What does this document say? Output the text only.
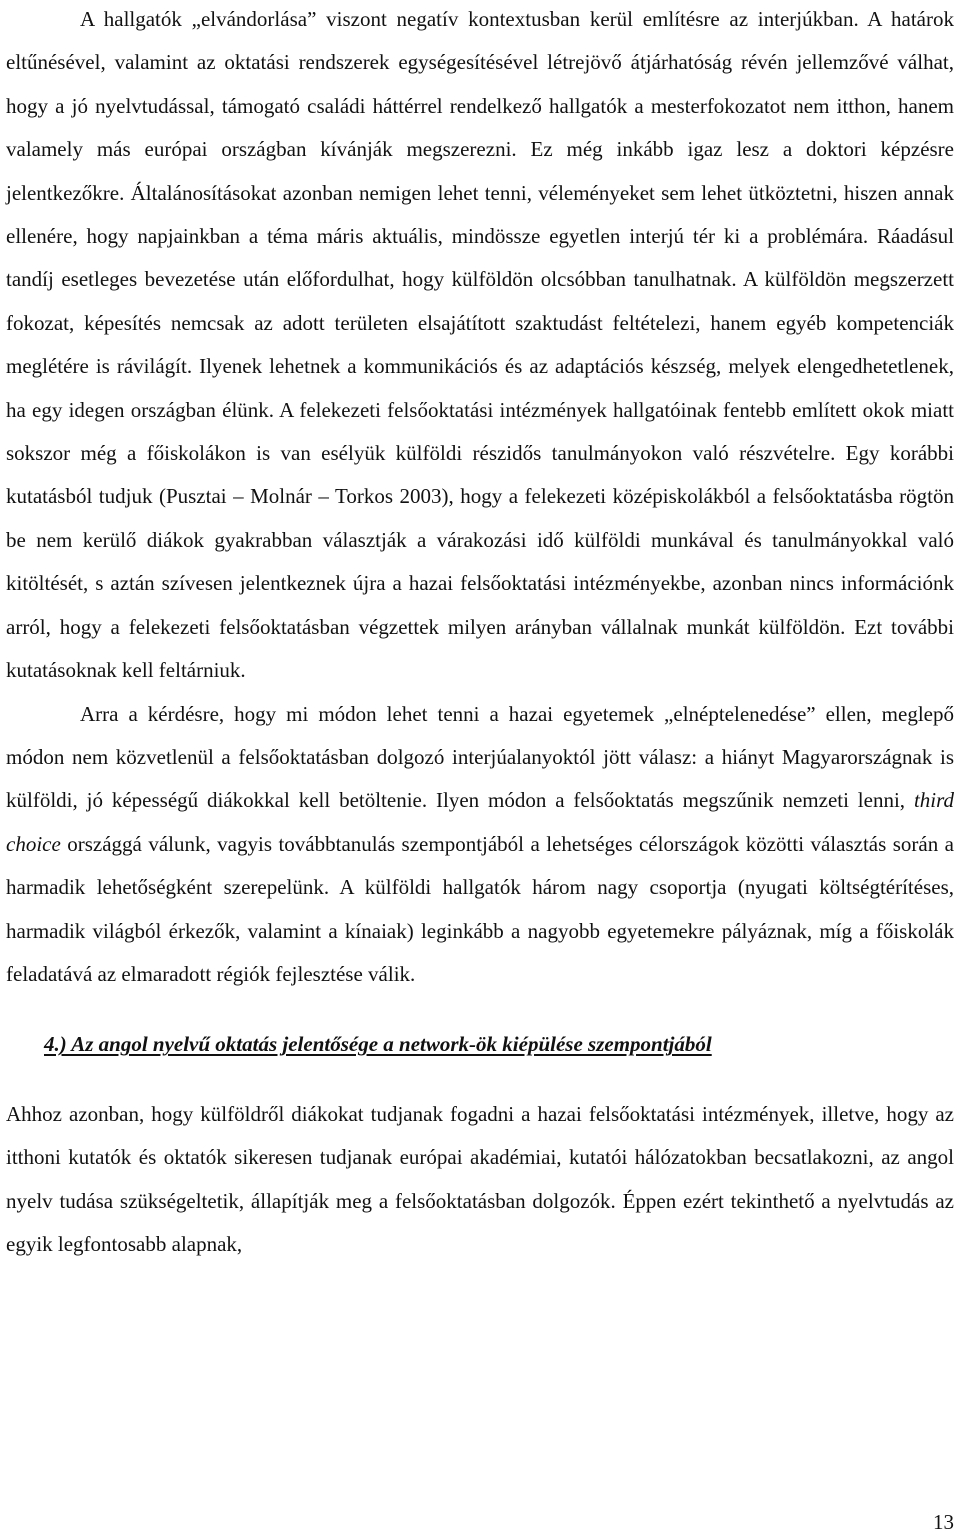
A hallgatók „elvándorlása” viszont negatív kontextusban kerül említésre az interjúkban. A határok eltűnésével, valamint az oktatási rendszerek egységesítésével létrejövő átjárhatóság révén jellemzővé válhat, hogy a jó nyelvtudással, támogató családi háttérrel rendelkező hallgatók a mesterfokozatot nem itthon, hanem valamely más európai országban kívánják megszerezni. Ez még inkább igaz lesz a doktori képzésre jelentkezőkre. Általánosításokat azonban nemigen lehet tenni, véleményeket sem lehet ütköztetni, hiszen annak ellenére, hogy napjainkban a téma máris aktuális, mindössze egyetlen interjú tér ki a problémára. Ráadásul tandíj esetleges bevezetése után előfordulhat, hogy külföldön olcsóbban tanulhatnak. A külföldön megszerzett fokozat, képesítés nemcsak az adott területen elsajátított szaktudást feltételezi, hanem egyéb kompetenciák meglétére is rávilágít. Ilyenek lehetnek a kommunikációs és az adaptációs készség, melyek elengedhetetlenek, ha egy idegen országban élünk. A felekezeti felsőoktatási intézmények hallgatóinak fentebb említett okok miatt sokszor még a főiskolákon is van esélyük külföldi részidős tanulmányokon való részvételre. Egy korábbi kutatásból tudjuk (Pusztai – Molnár – Torkos 2003), hogy a felekezeti középiskolákból a felsőoktatásba rögtön be nem kerülő diákok gyakrabban választják a várakozási idő külföldi munkával és tanulmányokkal való kitöltését, s aztán szívesen jelentkeznek újra a hazai felsőoktatási intézményekbe, azonban nincs információnk arról, hogy a felekezeti felsőoktatásban végzettek milyen arányban vállalnak munkát külföldön. Ezt további kutatásoknak kell feltárniuk.

Arra a kérdésre, hogy mi módon lehet tenni a hazai egyetemek „elnéptelenedése” ellen, meglepő módon nem közvetlenül a felsőoktatásban dolgozó interjúalanyoktól jött válasz: a hiányt Magyarországnak is külföldi, jó képességű diákokkal kell betöltenie. Ilyen módon a felsőoktatás megszűnik nemzeti lenni, third choice országgá válunk, vagyis továbbtanulás szempontjából a lehetséges célországok közötti választás során a harmadik lehetőségként szerepelünk. A külföldi hallgatók három nagy csoportja (nyugati költségtérítéses, harmadik világból érkezők, valamint a kínaiak) leginkább a nagyobb egyetemekre pályáznak, míg a főiskolák feladatává az elmaradott régiók fejlesztése válik.

4.) Az angol nyelvű oktatás jelentősége a network-ök kiépülése szempontjából

Ahhoz azonban, hogy külföldről diákokat tudjanak fogadni a hazai felsőoktatási intézmények, illetve, hogy az itthoni kutatók és oktatók sikeresen tudjanak európai akadémiai, kutatói hálózatokban becsatlakozni, az angol nyelv tudása szükségeltetik, állapítják meg a felsőoktatásban dolgozók. Éppen ezért tekinthető a nyelvtudás az egyik legfontosabb alapnak,

13
